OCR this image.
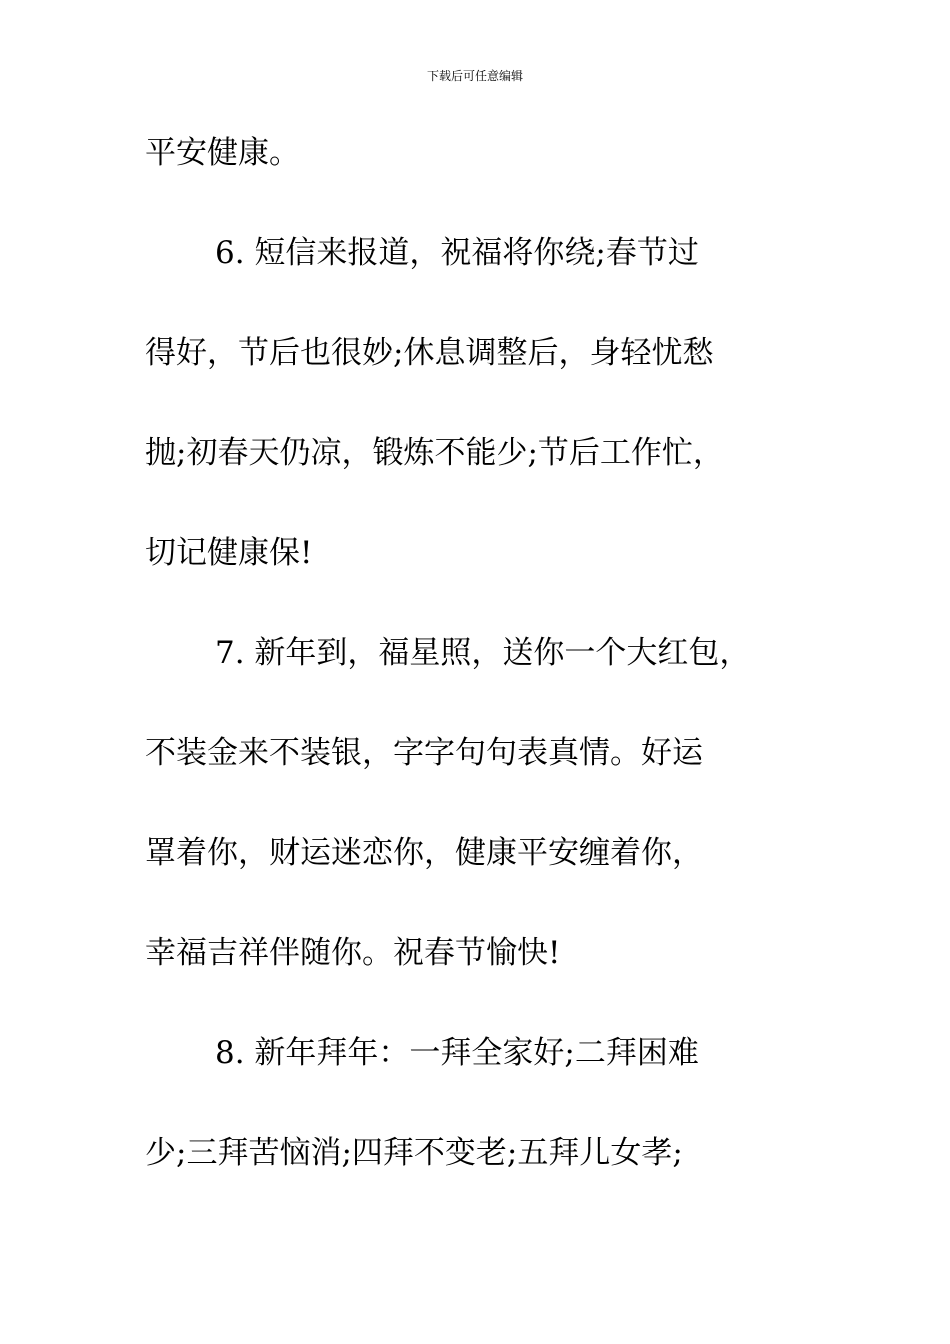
下载后可任意编辑
平安健康。
6. 短信来报道，祝福将你绕;春节过
得好，节后也很妙;休息调整后，身轻忧愁
抛;初春天仍凉，锻炼不能少;节后工作忙，
切记健康保!
7. 新年到，福星照，送你一个大红包，
不装金来不装银，字字句句表真情。好运
罩着你，财运迷恋你，健康平安缠着你，
幸福吉祥伴随你。祝春节愉快!
8. 新年拜年：一拜全家好;二拜困难
少;三拜苦恼消;四拜不变老;五拜儿女孝;
